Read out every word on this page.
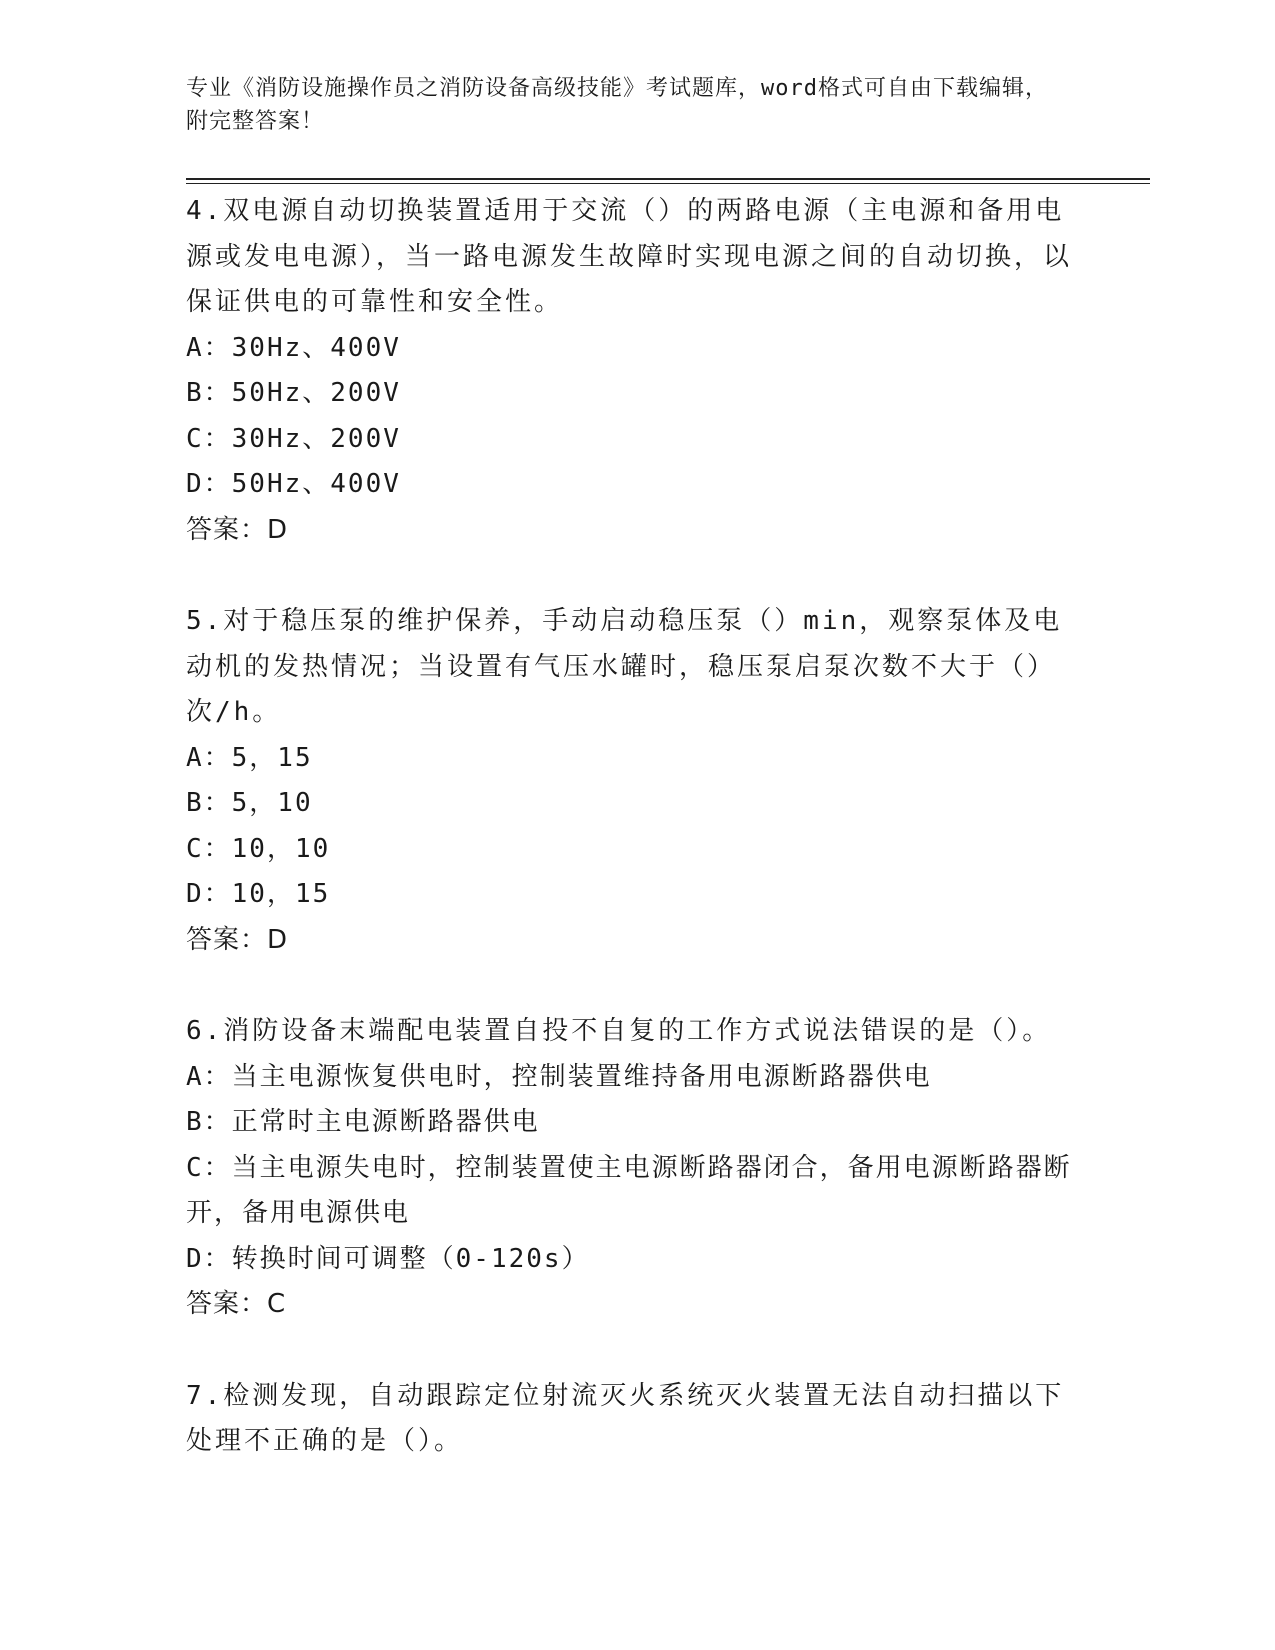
专业《消防设施操作员之消防设备高级技能》考试题库，word格式可自由下载编辑，附完整答案！

4.双电源自动切换装置适用于交流（）的两路电源（主电源和备用电源或发电电源），当一路电源发生故障时实现电源之间的自动切换，以保证供电的可靠性和安全性。

A：30Hz、400V

B：50Hz、200V

C：30Hz、200V

D：50Hz、400V

答案：D

5.对于稳压泵的维护保养，手动启动稳压泵（）min，观察泵体及电动机的发热情况；当设置有气压水罐时，稳压泵启泵次数不大于（）次/h。

A：5，15

B：5，10

C：10，10

D：10，15

答案：D

6.消防设备末端配电装置自投不自复的工作方式说法错误的是（）。

A：当主电源恢复供电时，控制装置维持备用电源断路器供电

B：正常时主电源断路器供电

C：当主电源失电时，控制装置使主电源断路器闭合，备用电源断路器断开，备用电源供电

D：转换时间可调整（0-120s）

答案：C

7.检测发现，自动跟踪定位射流灭火系统灭火装置无法自动扫描以下处理不正确的是（）。
